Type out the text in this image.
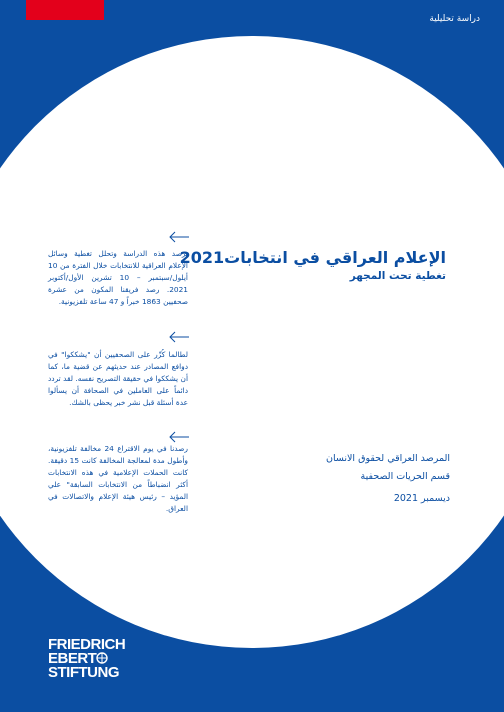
دراسة تحليلية
الإعلام العراقي في انتخابات2021
تغطية تحت المجهر
ترصد هذه الدراسة وتحلل تغطية وسائل الإعلام العراقية للانتخابات خلال الفترة من 10 أيلول/سبتمبر – 10 تشرين الأول/أكتوبر 2021. رصد فريقنا المكون من عشرة صحفيين 1863 خبراً و 47 ساعة تلفزيونية.
لطالما كُرِّر على الصحفيين أن "يشككوا" في دوافع المصادر عند حديثهم عن قضية ما، كما أن يشككوا في حقيقة التصريح نفسه. لقد تردد دائماً على العاملين في الصحافة أن يسألوا عدة أسئلة قبل نشر خبر يحظى بالشك.
رصدنا في يوم الاقتراع 24 مخالفة تلفزيونية، وأطول مدة لمعالجة المخالفة كانت 15 دقيقة. كانت الحملات الإعلامية في هذه الانتخابات أكثر انضباطاً من الانتخابات السابقة" علي المؤيد – رئيس هيئة الإعلام والاتصالات في العراق.
المرصد العراقي لحقوق الانسان
قسم الحريات الصحفية
ديسمبر 2021
FRIEDRICH
EBERT
STIFTUNG
